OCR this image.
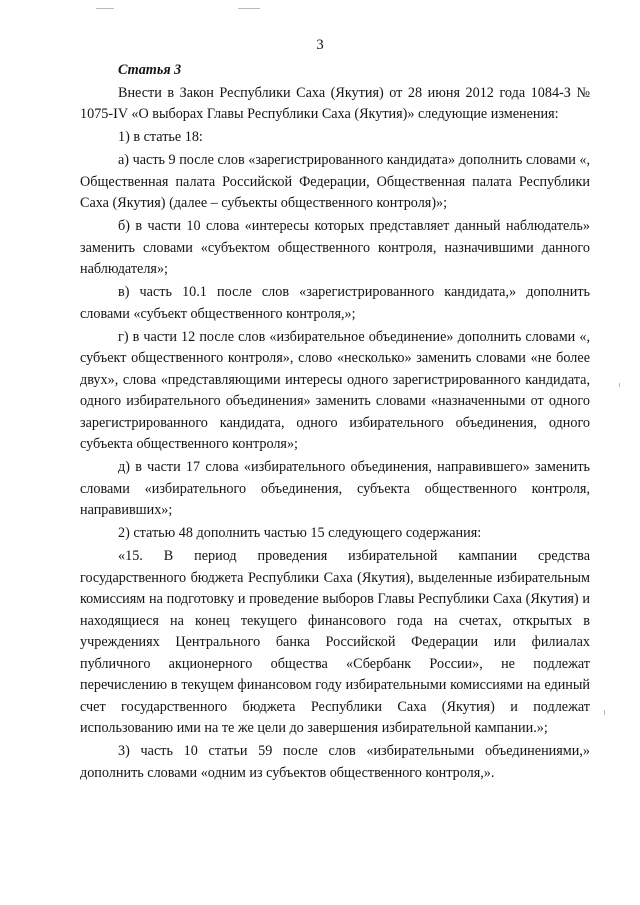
3
Статья 3

Внести в Закон Республики Саха (Якутия) от 28 июня 2012 года 1084-З № 1075-IV «О выборах Главы Республики Саха (Якутия)» следующие изменения:

1) в статье 18:

а) часть 9 после слов «зарегистрированного кандидата» дополнить словами «, Общественная палата Российской Федерации, Общественная палата Республики Саха (Якутия) (далее – субъекты общественного контроля)»;

б) в части 10 слова «интересы которых представляет данный наблюдатель» заменить словами «субъектом общественного контроля, назначившими данного наблюдателя»;

в) часть 10.1 после слов «зарегистрированного кандидата,» дополнить словами «субъект общественного контроля,»;

г) в части 12 после слов «избирательное объединение» дополнить словами «, субъект общественного контроля», слово «несколько» заменить словами «не более двух», слова «представляющими интересы одного зарегистрированного кандидата, одного избирательного объединения» заменить словами «назначенными от одного зарегистрированного кандидата, одного избирательного объединения, одного субъекта общественного контроля»;

д) в части 17 слова «избирательного объединения, направившего» заменить словами «избирательного объединения, субъекта общественного контроля, направивших»;

2) статью 48 дополнить частью 15 следующего содержания:

«15. В период проведения избирательной кампании средства государственного бюджета Республики Саха (Якутия), выделенные избирательным комиссиям на подготовку и проведение выборов Главы Республики Саха (Якутия) и находящиеся на конец текущего финансового года на счетах, открытых в учреждениях Центрального банка Российской Федерации или филиалах публичного акционерного общества «Сбербанк России», не подлежат перечислению в текущем финансовом году избирательными комиссиями на единый счет государственного бюджета Республики Саха (Якутия) и подлежат использованию ими на те же цели до завершения избирательной кампании.»;

3) часть 10 статьи 59 после слов «избирательными объединениями,» дополнить словами «одним из субъектов общественного контроля,».
